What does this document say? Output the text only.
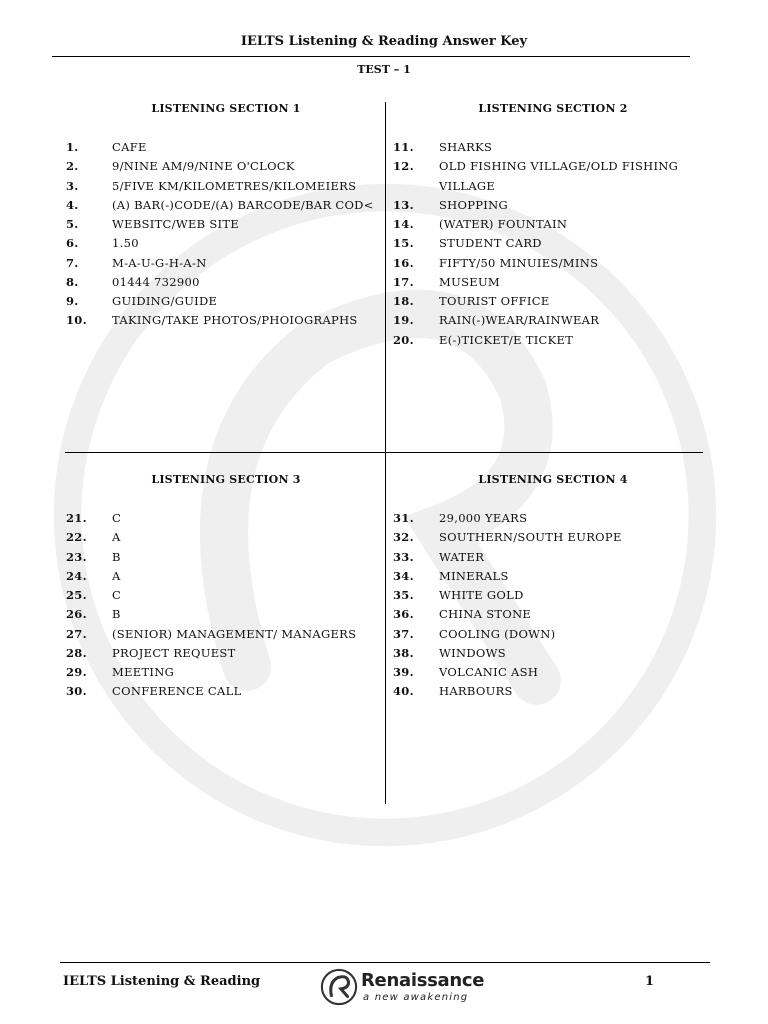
IELTS Listening & Reading Answer Key
TEST – 1
LISTENING SECTION 1
1.	CAFE
2.	9/NINE AM/9/NINE O'CLOCK
3.	5/FIVE KM/KILOMETRES/KILOMEIERS
4.	(A) BAR(-)CODE/(A) BARCODE/BAR COD<
5.	WEBSITC/WEB SITE
6.	1.50
7.	M-A-U-G-H-A-N
8.	01444 732900
9.	GUIDING/GUIDE
10. TAKING/TAKE PHOTOS/PHOIOGRAPHS
LISTENING SECTION 2
11. SHARKS
12. OLD FISHING VILLAGE/OLD FISHING
VILLAGE
13. SHOPPING
14. (WATER) FOUNTAIN
15. STUDENT CARD
16. FIFTY/50 MINUIES/MINS
17. MUSEUM
18. TOURIST OFFICE
19. RAIN(-)WEAR/RAINWEAR
20. E(-)TICKET/E TICKET
LISTENING SECTION 3
21. C
22. A
23. B
24. A
25. C
26. B
27. (SENIOR) MANAGEMENT/ MANAGERS
28. PROJECT REQUEST
29. MEETING
30. CONFERENCE CALL
LISTENING SECTION 4
31. 29,000 YEARS
32. SOUTHERN/SOUTH EUROPE
33. WATER
34. MINERALS
35. WHITE GOLD
36. CHINA STONE
37. COOLING (DOWN)
38. WINDOWS
39. VOLCANIC ASH
40. HARBOURS
IELTS Listening & Reading	Renaissance
a new awakening
1
